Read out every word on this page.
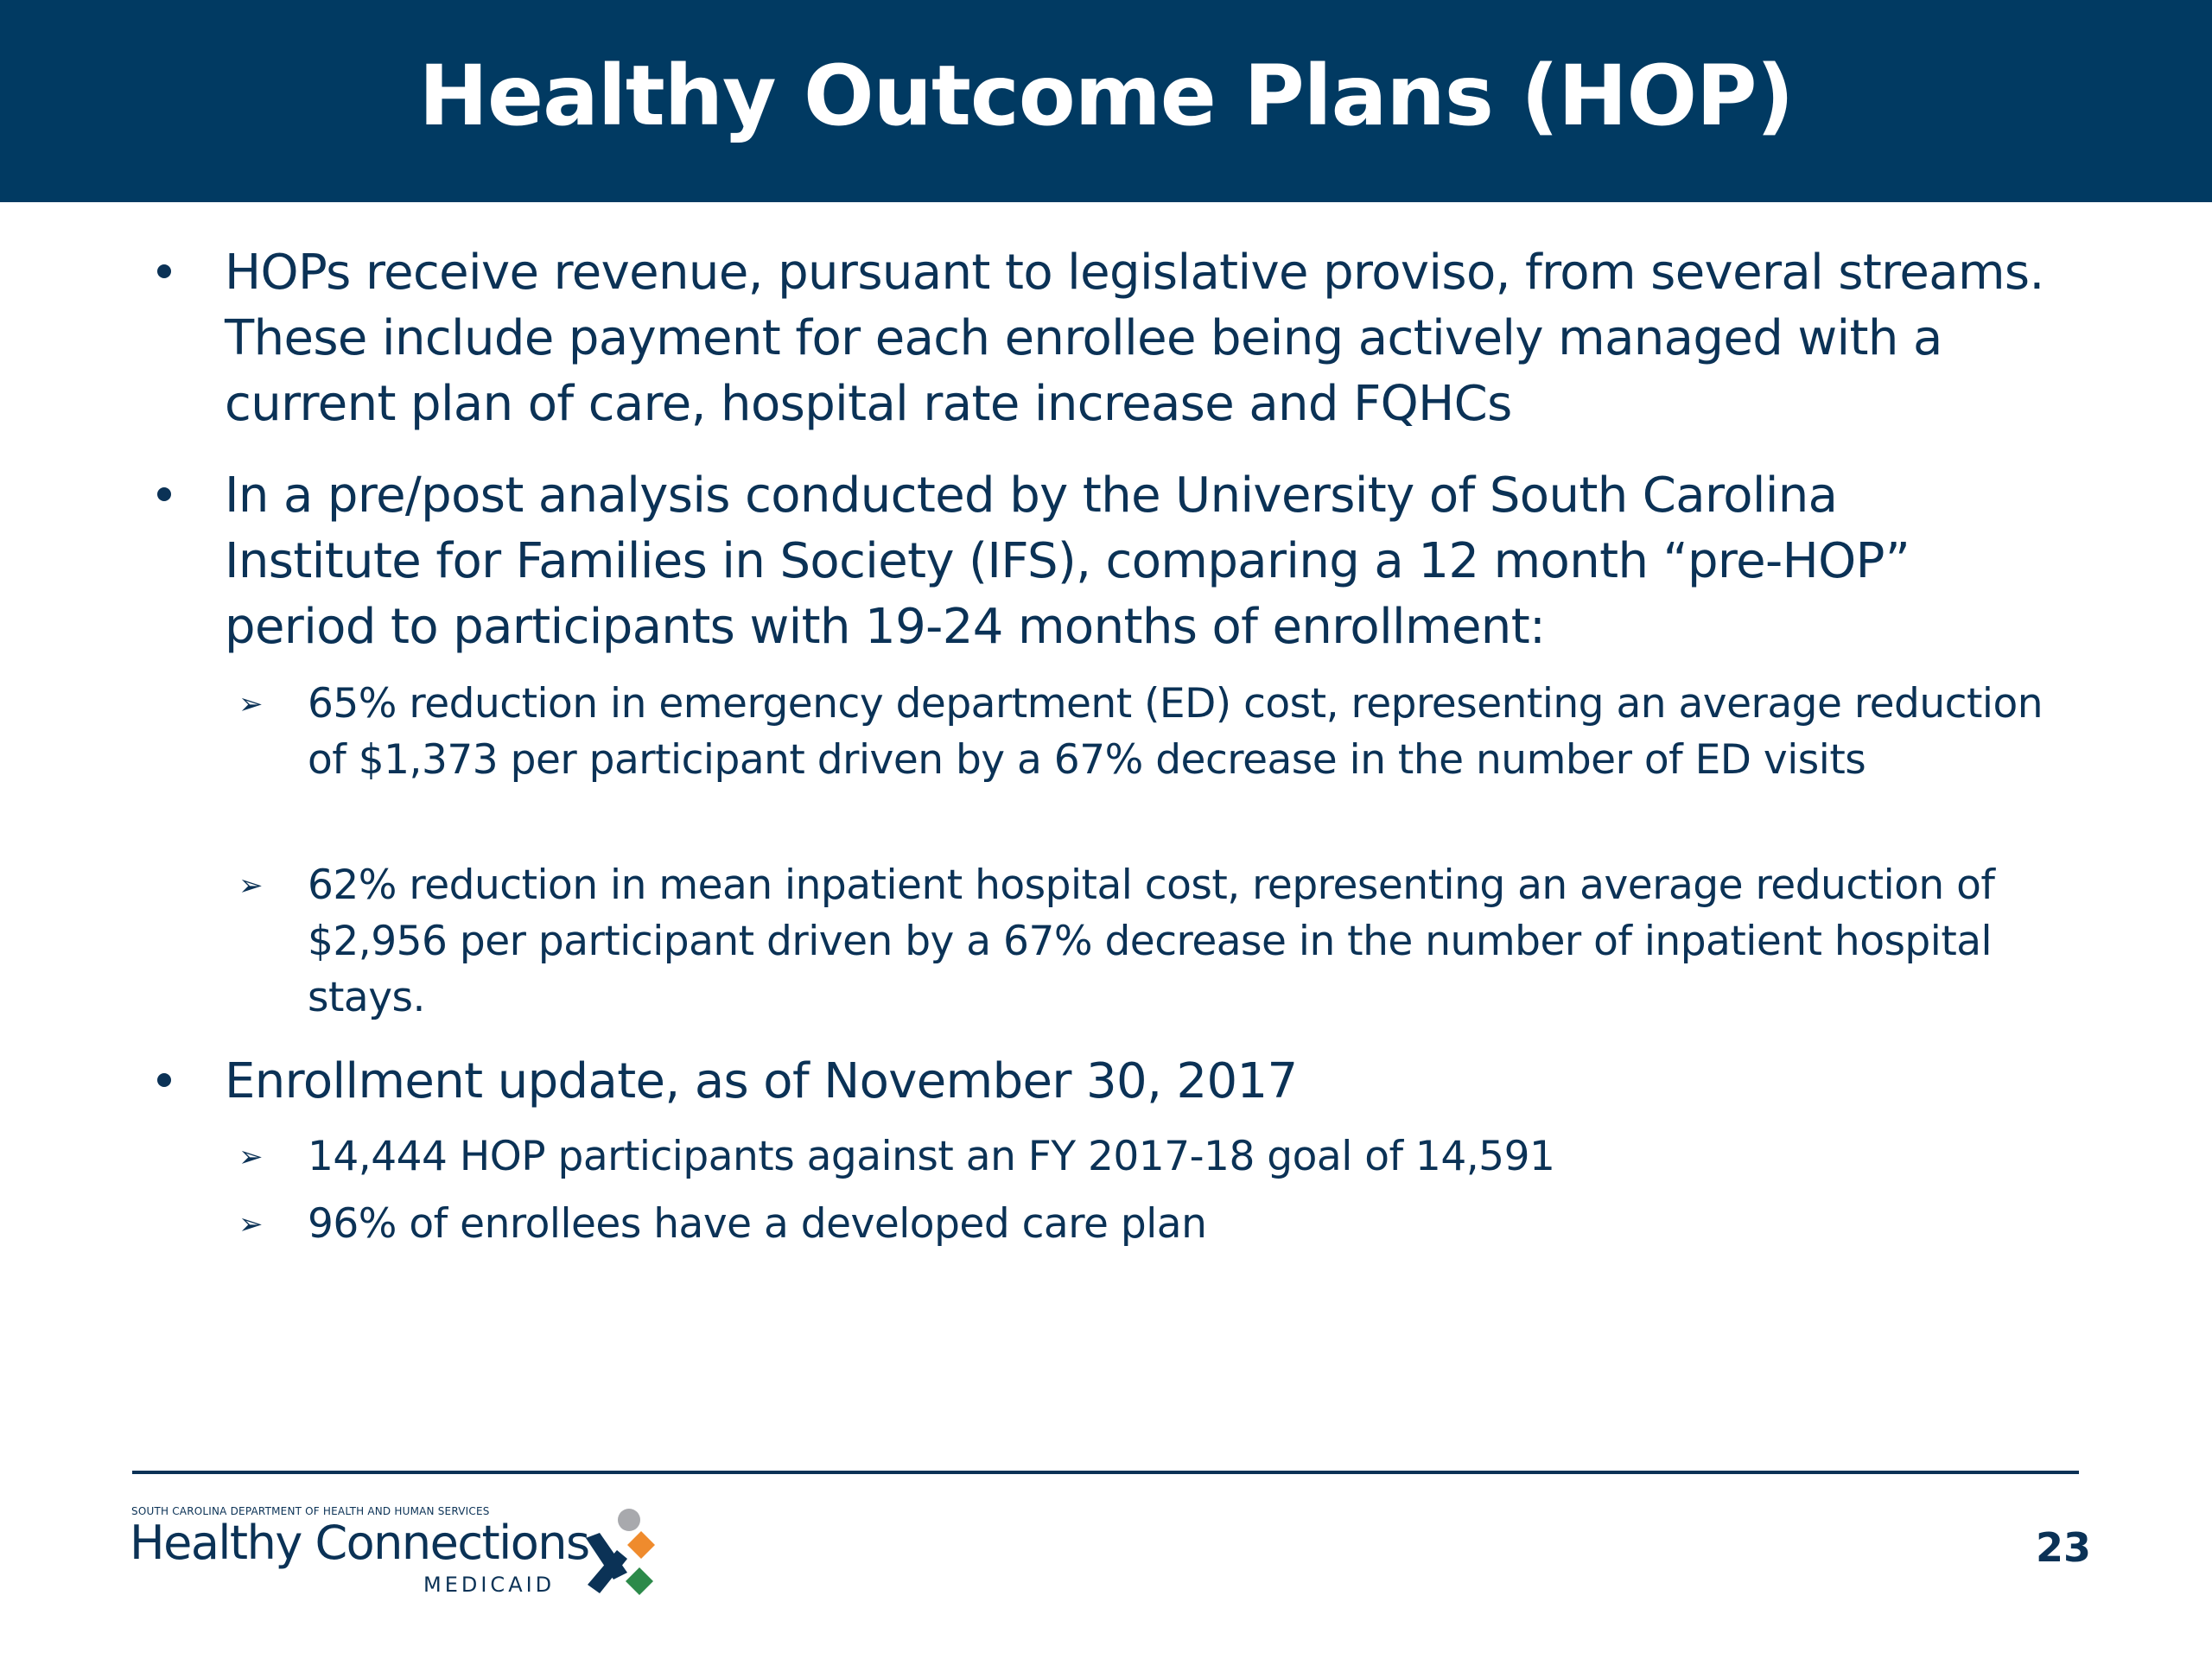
Healthy Outcome Plans (HOP)
HOPs receive revenue, pursuant to legislative proviso, from several streams. These include payment for each enrollee being actively managed with a current plan of care, hospital rate increase and FQHCs
In a pre/post analysis conducted by the University of South Carolina Institute for Families in Society (IFS), comparing a 12 month “pre-HOP” period to participants with 19-24 months of enrollment:
➢ 65% reduction in emergency department (ED) cost, representing an average reduction of $1,373 per participant driven by a 67% decrease in the number of ED visits
➢ 62% reduction in mean inpatient hospital cost, representing an average reduction of $2,956 per participant driven by a 67% decrease in the number of inpatient hospital stays.
Enrollment update, as of November 30, 2017
➢ 14,444 HOP participants against an FY 2017-18 goal of 14,591
➢ 96% of enrollees have a developed care plan
SOUTH CAROLINA DEPARTMENT OF HEALTH AND HUMAN SERVICES
Healthy Connections
MEDICAID
23
